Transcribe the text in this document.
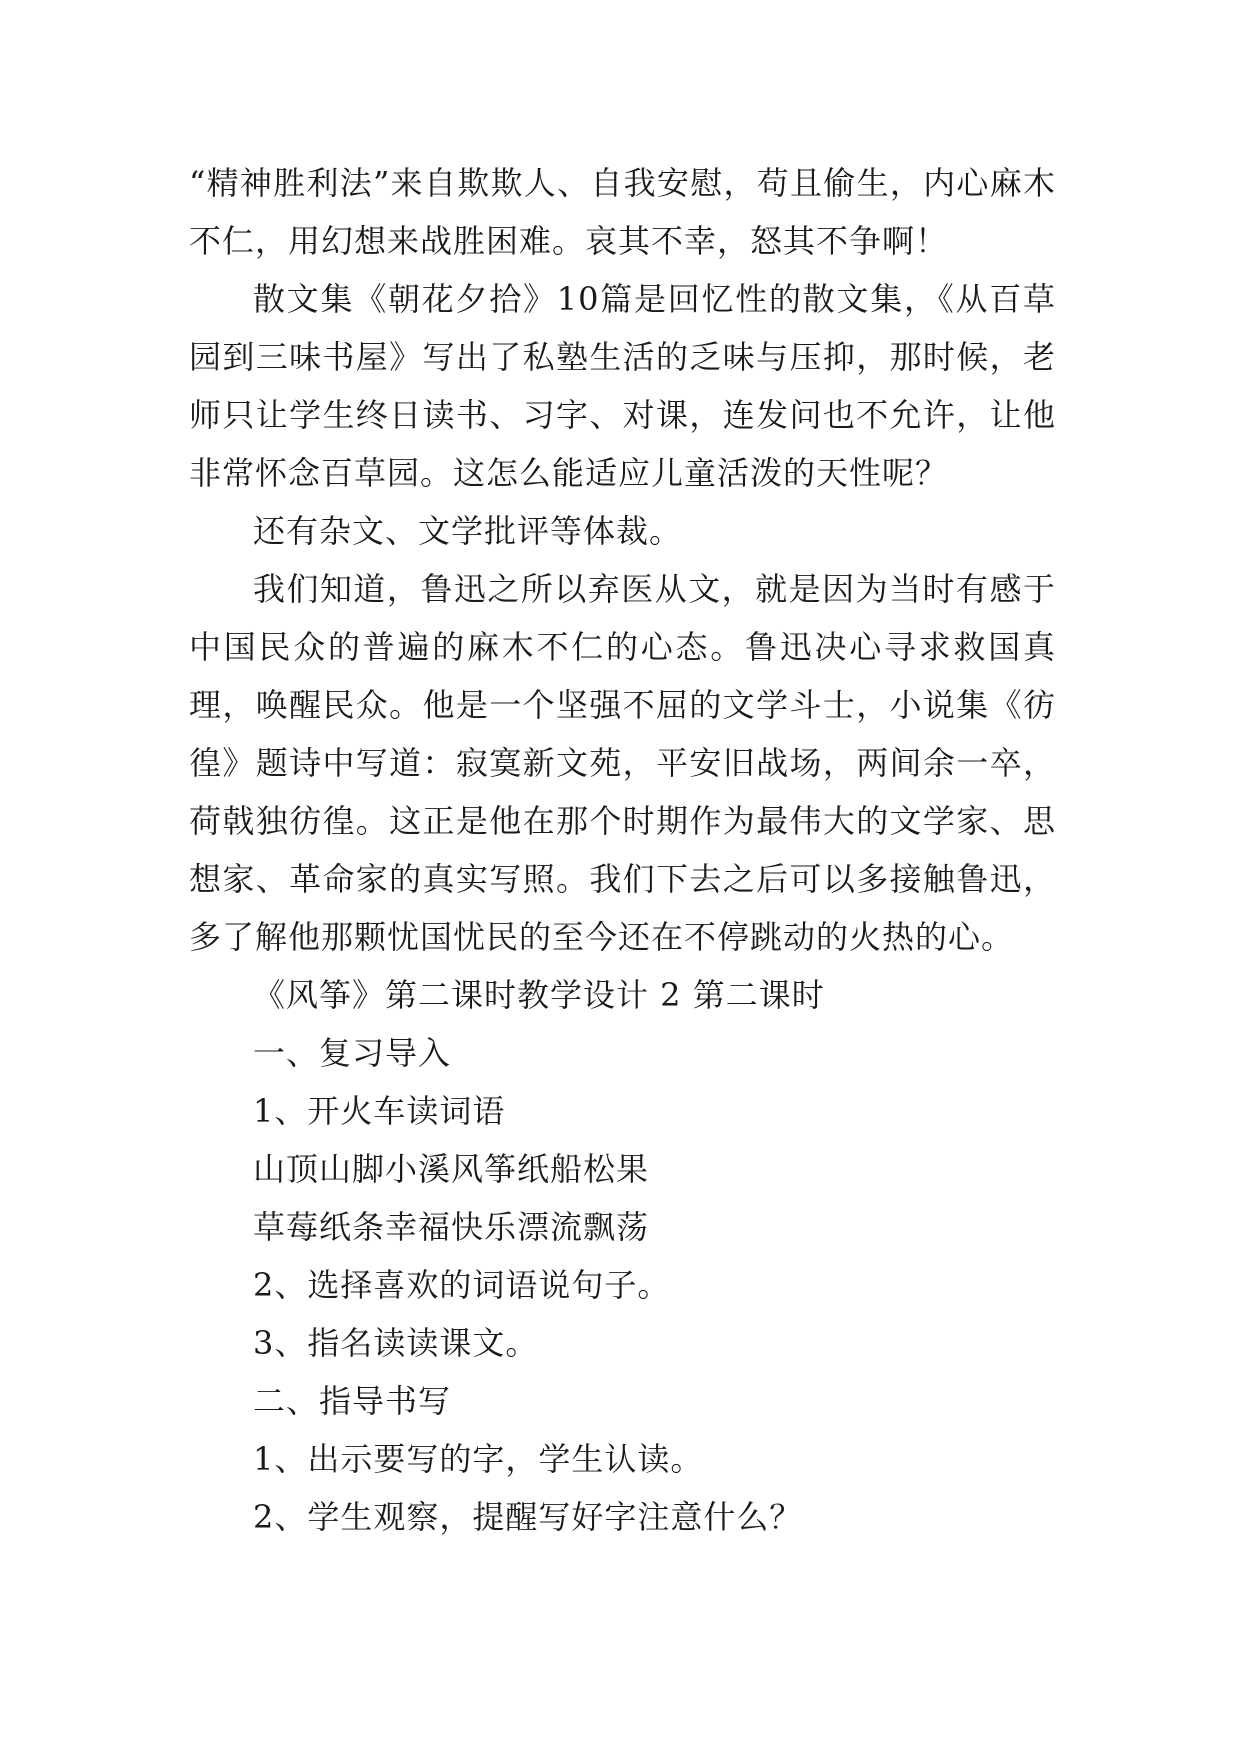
“精神胜利法”来自欺欺人、自我安慰，苟且偷生，内心麻木不仁，用幻想来战胜困难。哀其不幸，怒其不争啊！

散文集《朝花夕拾》10篇是回忆性的散文集，《从百草园到三味书屋》写出了私塾生活的乏味与压抑，那时候，老师只让学生终日读书、习字、对课，连发问也不允许，让他非常怀念百草园。这怎么能适应儿童活泼的天性呢？

还有杂文、文学批评等体裁。

我们知道，鲁迅之所以弃医从文，就是因为当时有感于中国民众的普遍的麻木不仁的心态。鲁迅决心寻求救国真理，唤醒民众。他是一个坚强不屈的文学斗士，小说集《彷徨》题诗中写道：寂寞新文苑，平安旧战场，两间余一卒，荷戟独彷徨。这正是他在那个时期作为最伟大的文学家、思想家、革命家的真实写照。我们下去之后可以多接触鲁迅，多了解他那颗忧国忧民的至今还在不停跳动的火热的心。

《风筝》第二课时教学设计 2 第二课时

一、复习导入

1、开火车读词语

山顶山脚小溪风筝纸船松果

草莓纸条幸福快乐漂流飘荡

2、选择喜欢的词语说句子。

3、指名读读课文。

二、指导书写

1、出示要写的字，学生认读。

2、学生观察，提醒写好字注意什么？
